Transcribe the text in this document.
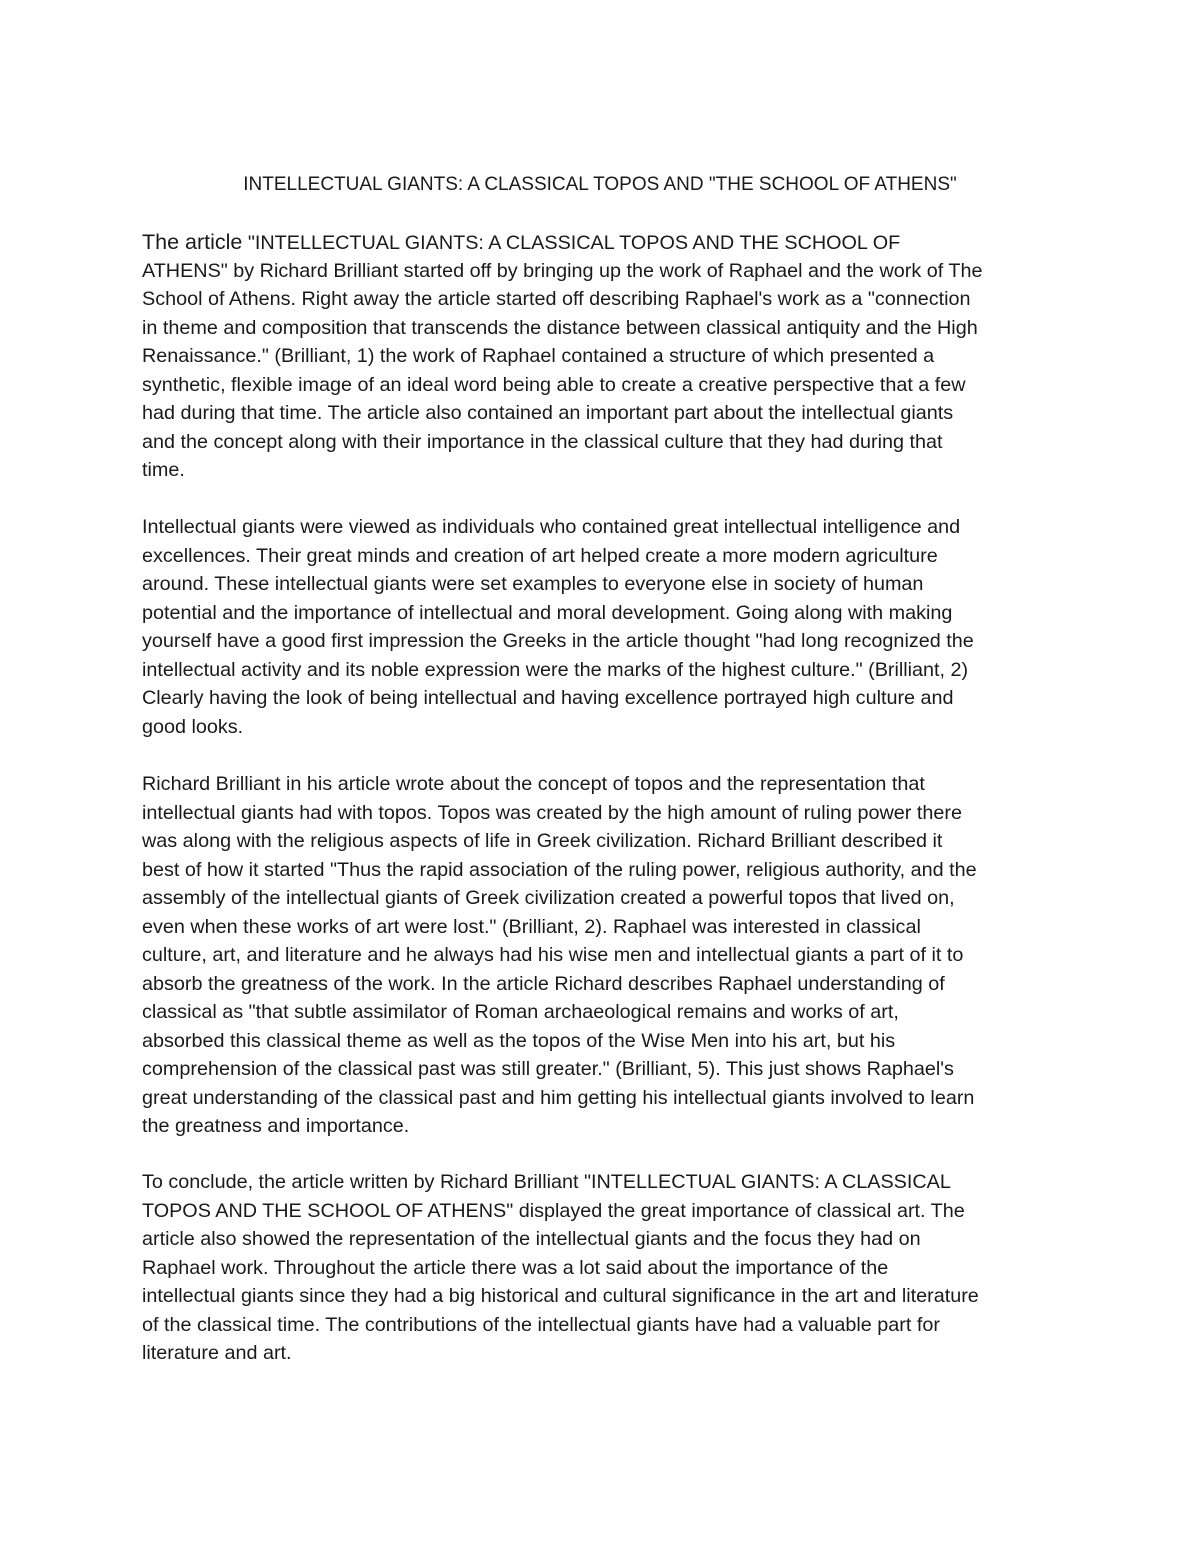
INTELLECTUAL GIANTS: A CLASSICAL TOPOS AND "THE SCHOOL OF ATHENS"
The article "INTELLECTUAL GIANTS: A CLASSICAL TOPOS AND THE SCHOOL OF
ATHENS" by Richard Brilliant started off by bringing up the work of Raphael and the work of The
School of Athens. Right away the article started off describing Raphael's work as a "connection
in theme and composition that transcends the distance between classical antiquity and the High
Renaissance." (Brilliant, 1) the work of Raphael contained a structure of which presented a
synthetic, flexible image of an ideal word being able to create a creative perspective that a few
had during that time. The article also contained an important part about the intellectual giants
and the concept along with their importance in the classical culture that they had during that
time.
Intellectual giants were viewed as individuals who contained great intellectual intelligence and
excellences. Their great minds and creation of art helped create a more modern agriculture
around. These intellectual giants were set examples to everyone else in society of human
potential and the importance of intellectual and moral development. Going along with making
yourself have a good first impression the Greeks in the article thought "had long recognized the
intellectual activity and its noble expression were the marks of the highest culture." (Brilliant, 2)
Clearly having the look of being intellectual and having excellence portrayed high culture and
good looks.
Richard Brilliant in his article wrote about the concept of topos and the representation that
intellectual giants had with topos. Topos was created by the high amount of ruling power there
was along with the religious aspects of life in Greek civilization. Richard Brilliant described it
best of how it started "Thus the rapid association of the ruling power, religious authority, and the
assembly of the intellectual giants of Greek civilization created a powerful topos that lived on,
even when these works of art were lost." (Brilliant, 2). Raphael was interested in classical
culture, art, and literature and he always had his wise men and intellectual giants a part of it to
absorb the greatness of the work. In the article Richard describes Raphael understanding of
classical as "that subtle assimilator of Roman archaeological remains and works of art,
absorbed this classical theme as well as the topos of the Wise Men into his art, but his
comprehension of the classical past was still greater." (Brilliant, 5). This just shows Raphael's
great understanding of the classical past and him getting his intellectual giants involved to learn
the greatness and importance.
To conclude, the article written by Richard Brilliant "INTELLECTUAL GIANTS: A CLASSICAL
TOPOS AND THE SCHOOL OF ATHENS" displayed the great importance of classical art. The
article also showed the representation of the intellectual giants and the focus they had on
Raphael work. Throughout the article there was a lot said about the importance of the
intellectual giants since they had a big historical and cultural significance in the art and literature
of the classical time. The contributions of the intellectual giants have had a valuable part for
literature and art.
